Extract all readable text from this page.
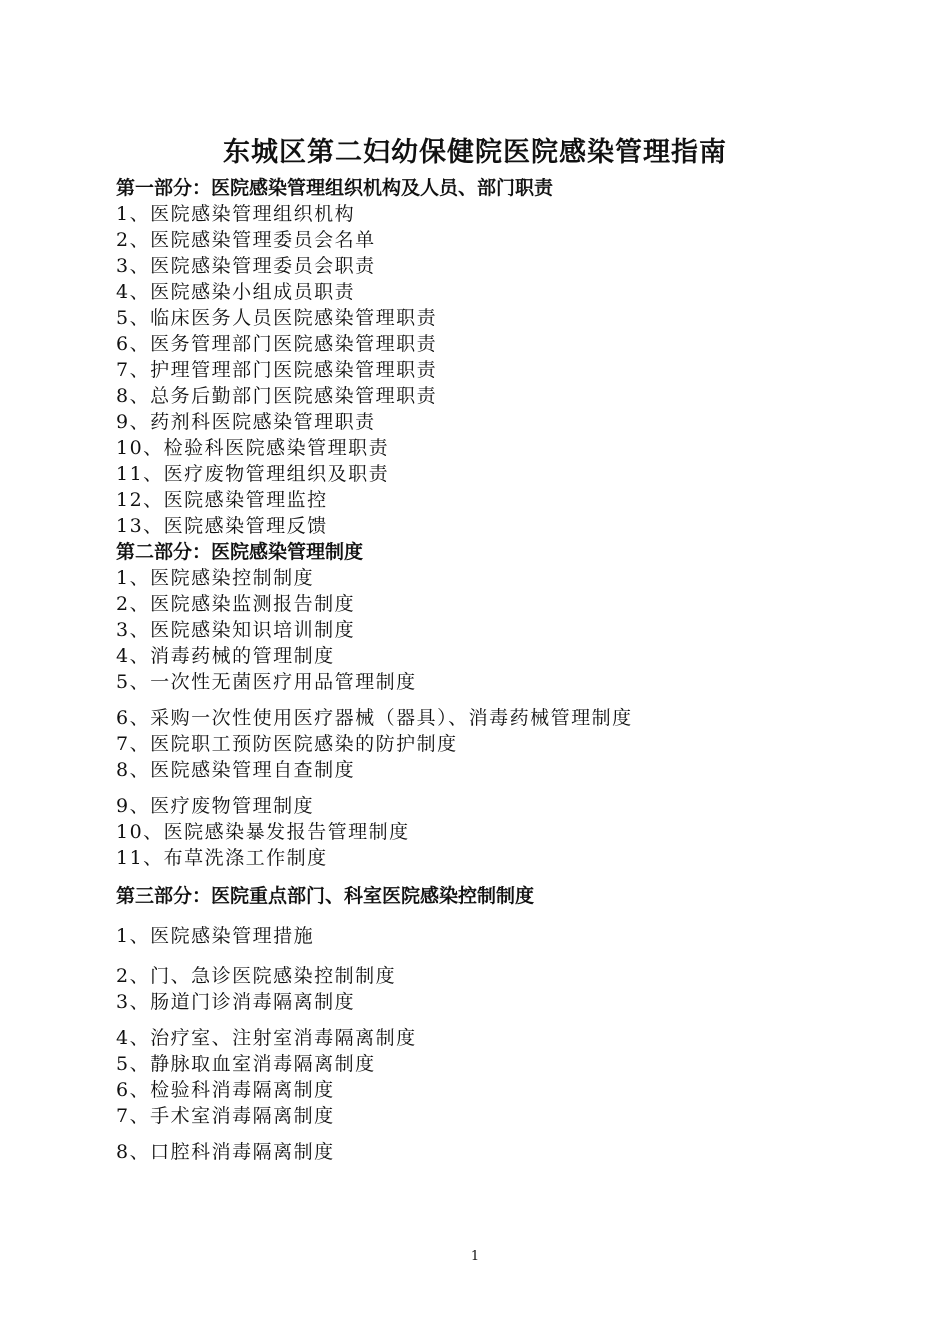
东城区第二妇幼保健院医院感染管理指南
第一部分：医院感染管理组织机构及人员、部门职责
1、医院感染管理组织机构
2、医院感染管理委员会名单
3、医院感染管理委员会职责
4、医院感染小组成员职责
5、临床医务人员医院感染管理职责
6、医务管理部门医院感染管理职责
7、护理管理部门医院感染管理职责
8、总务后勤部门医院感染管理职责
9、药剂科医院感染管理职责
10、检验科医院感染管理职责
11、医疗废物管理组织及职责
12、医院感染管理监控
13、医院感染管理反馈
第二部分：医院感染管理制度
1、医院感染控制制度
2、医院感染监测报告制度
3、医院感染知识培训制度
4、消毒药械的管理制度
5、一次性无菌医疗用品管理制度
6、采购一次性使用医疗器械（器具）、消毒药械管理制度
7、医院职工预防医院感染的防护制度
8、医院感染管理自查制度
9、医疗废物管理制度
10、医院感染暴发报告管理制度
11、布草洗涤工作制度
第三部分：医院重点部门、科室医院感染控制制度
1、医院感染管理措施
2、门、急诊医院感染控制制度
3、肠道门诊消毒隔离制度
4、治疗室、注射室消毒隔离制度
5、静脉取血室消毒隔离制度
6、检验科消毒隔离制度
7、手术室消毒隔离制度
8、口腔科消毒隔离制度
1
